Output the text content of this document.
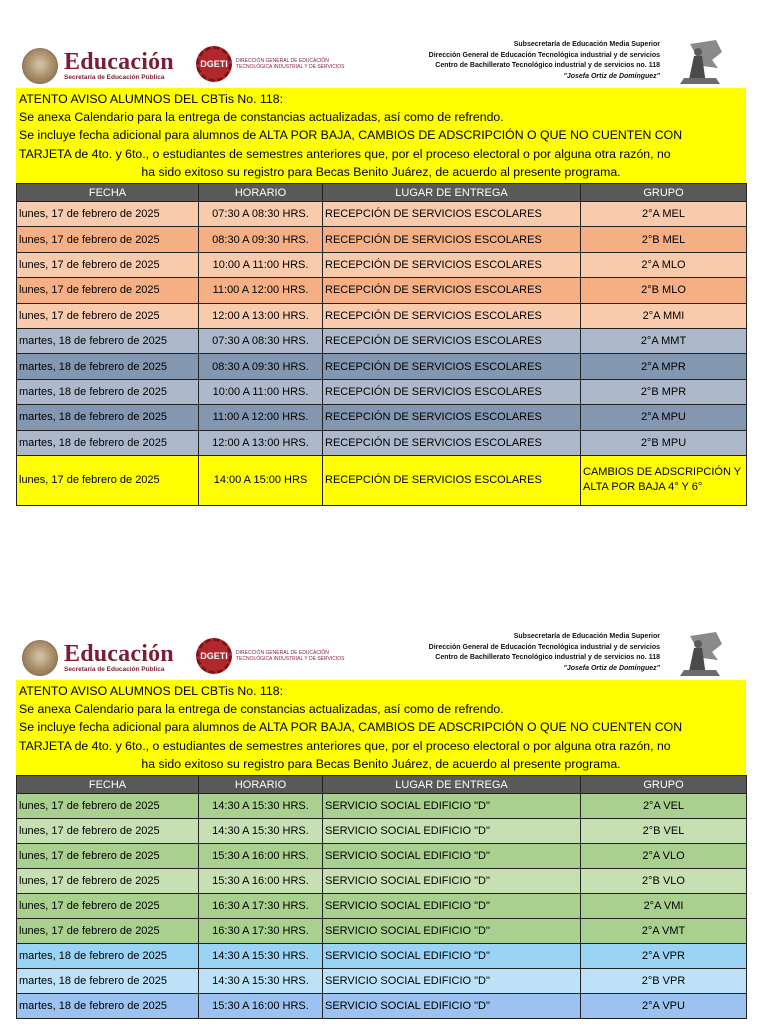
Educación
Secretaría de Educación Pública
DGETI	DIRECCIÓN GENERAL DE EDUCACIÓN TECNOLÓGICA INDUSTRIAL Y DE SERVICIOS
Subsecretaría de Educación Media Superior
Dirección General de Educación Tecnológica industrial y de servicios
Centro de Bachillerato Tecnológico industrial y de servicios no. 118
"Josefa Ortiz de Domínguez"
ATENTO AVISO ALUMNOS DEL CBTis No. 118:
Se anexa Calendario para la entrega de constancias actualizadas, así como de refrendo.
Se incluye fecha adicional para alumnos de ALTA POR BAJA, CAMBIOS DE ADSCRIPCIÓN O QUE NO CUENTEN CON
TARJETA de 4to. y 6to., o estudiantes de semestres anteriores que, por el proceso electoral o por alguna otra razón, no
ha sido exitoso su registro para Becas Benito Juárez, de acuerdo al presente programa.
FECHA	HORARIO	LUGAR DE ENTREGA	GRUPO
lunes, 17 de febrero de 2025	07:30 A 08:30 HRS.	RECEPCIÓN DE SERVICIOS ESCOLARES	2°A MEL
lunes, 17 de febrero de 2025	08:30 A 09:30 HRS.	RECEPCIÓN DE SERVICIOS ESCOLARES	2°B MEL
lunes, 17 de febrero de 2025	10:00 A 11:00 HRS.	RECEPCIÓN DE SERVICIOS ESCOLARES	2°A MLO
lunes, 17 de febrero de 2025	11:00 A 12:00 HRS.	RECEPCIÓN DE SERVICIOS ESCOLARES	2°B MLO
lunes, 17 de febrero de 2025	12:00 A 13:00 HRS.	RECEPCIÓN DE SERVICIOS ESCOLARES	2°A MMI
martes, 18 de febrero de 2025	07:30 A 08:30 HRS.	RECEPCIÓN DE SERVICIOS ESCOLARES	2°A MMT
martes, 18 de febrero de 2025	08:30 A 09:30 HRS.	RECEPCIÓN DE SERVICIOS ESCOLARES	2°A MPR
martes, 18 de febrero de 2025	10:00 A 11:00 HRS.	RECEPCIÓN DE SERVICIOS ESCOLARES	2°B MPR
martes, 18 de febrero de 2025	11:00 A 12:00 HRS.	RECEPCIÓN DE SERVICIOS ESCOLARES	2°A MPU
martes, 18 de febrero de 2025	12:00 A 13:00 HRS.	RECEPCIÓN DE SERVICIOS ESCOLARES	2°B MPU
lunes, 17 de febrero de 2025	14:00 A 15:00 HRS	RECEPCIÓN DE SERVICIOS ESCOLARES	CAMBIOS DE ADSCRIPCIÓN Y ALTA POR BAJA 4° Y 6°
Educación
Secretaría de Educación Pública
DGETI	DIRECCIÓN GENERAL DE EDUCACIÓN TECNOLÓGICA INDUSTRIAL Y DE SERVICIOS
Subsecretaría de Educación Media Superior
Dirección General de Educación Tecnológica industrial y de servicios
Centro de Bachillerato Tecnológico industrial y de servicios no. 118
"Josefa Ortiz de Domínguez"
ATENTO AVISO ALUMNOS DEL CBTis No. 118:
Se anexa Calendario para la entrega de constancias actualizadas, así como de refrendo.
Se incluye fecha adicional para alumnos de ALTA POR BAJA, CAMBIOS DE ADSCRIPCIÓN O QUE NO CUENTEN CON
TARJETA de 4to. y 6to., o estudiantes de semestres anteriores que, por el proceso electoral o por alguna otra razón, no
ha sido exitoso su registro para Becas Benito Juárez, de acuerdo al presente programa.
FECHA	HORARIO	LUGAR DE ENTREGA	GRUPO
lunes, 17 de febrero de 2025	14:30 A 15:30 HRS.	SERVICIO SOCIAL EDIFICIO "D"	2°A VEL
lunes, 17 de febrero de 2025	14:30 A 15:30 HRS.	SERVICIO SOCIAL EDIFICIO "D"	2°B VEL
lunes, 17 de febrero de 2025	15:30 A 16:00 HRS.	SERVICIO SOCIAL EDIFICIO "D"	2°A VLO
lunes, 17 de febrero de 2025	15:30 A 16:00 HRS.	SERVICIO SOCIAL EDIFICIO "D"	2°B VLO
lunes, 17 de febrero de 2025	16:30 A 17:30 HRS.	SERVICIO SOCIAL EDIFICIO "D"	2°A VMI
lunes, 17 de febrero de 2025	16:30 A 17:30 HRS.	SERVICIO SOCIAL EDIFICIO "D"	2°A VMT
martes, 18 de febrero de 2025	14:30 A 15:30 HRS.	SERVICIO SOCIAL EDIFICIO "D"	2°A VPR
martes, 18 de febrero de 2025	14:30 A 15:30 HRS.	SERVICIO SOCIAL EDIFICIO "D"	2°B VPR
martes, 18 de febrero de 2025	15:30 A 16:00 HRS.	SERVICIO SOCIAL EDIFICIO "D"	2°A VPU
